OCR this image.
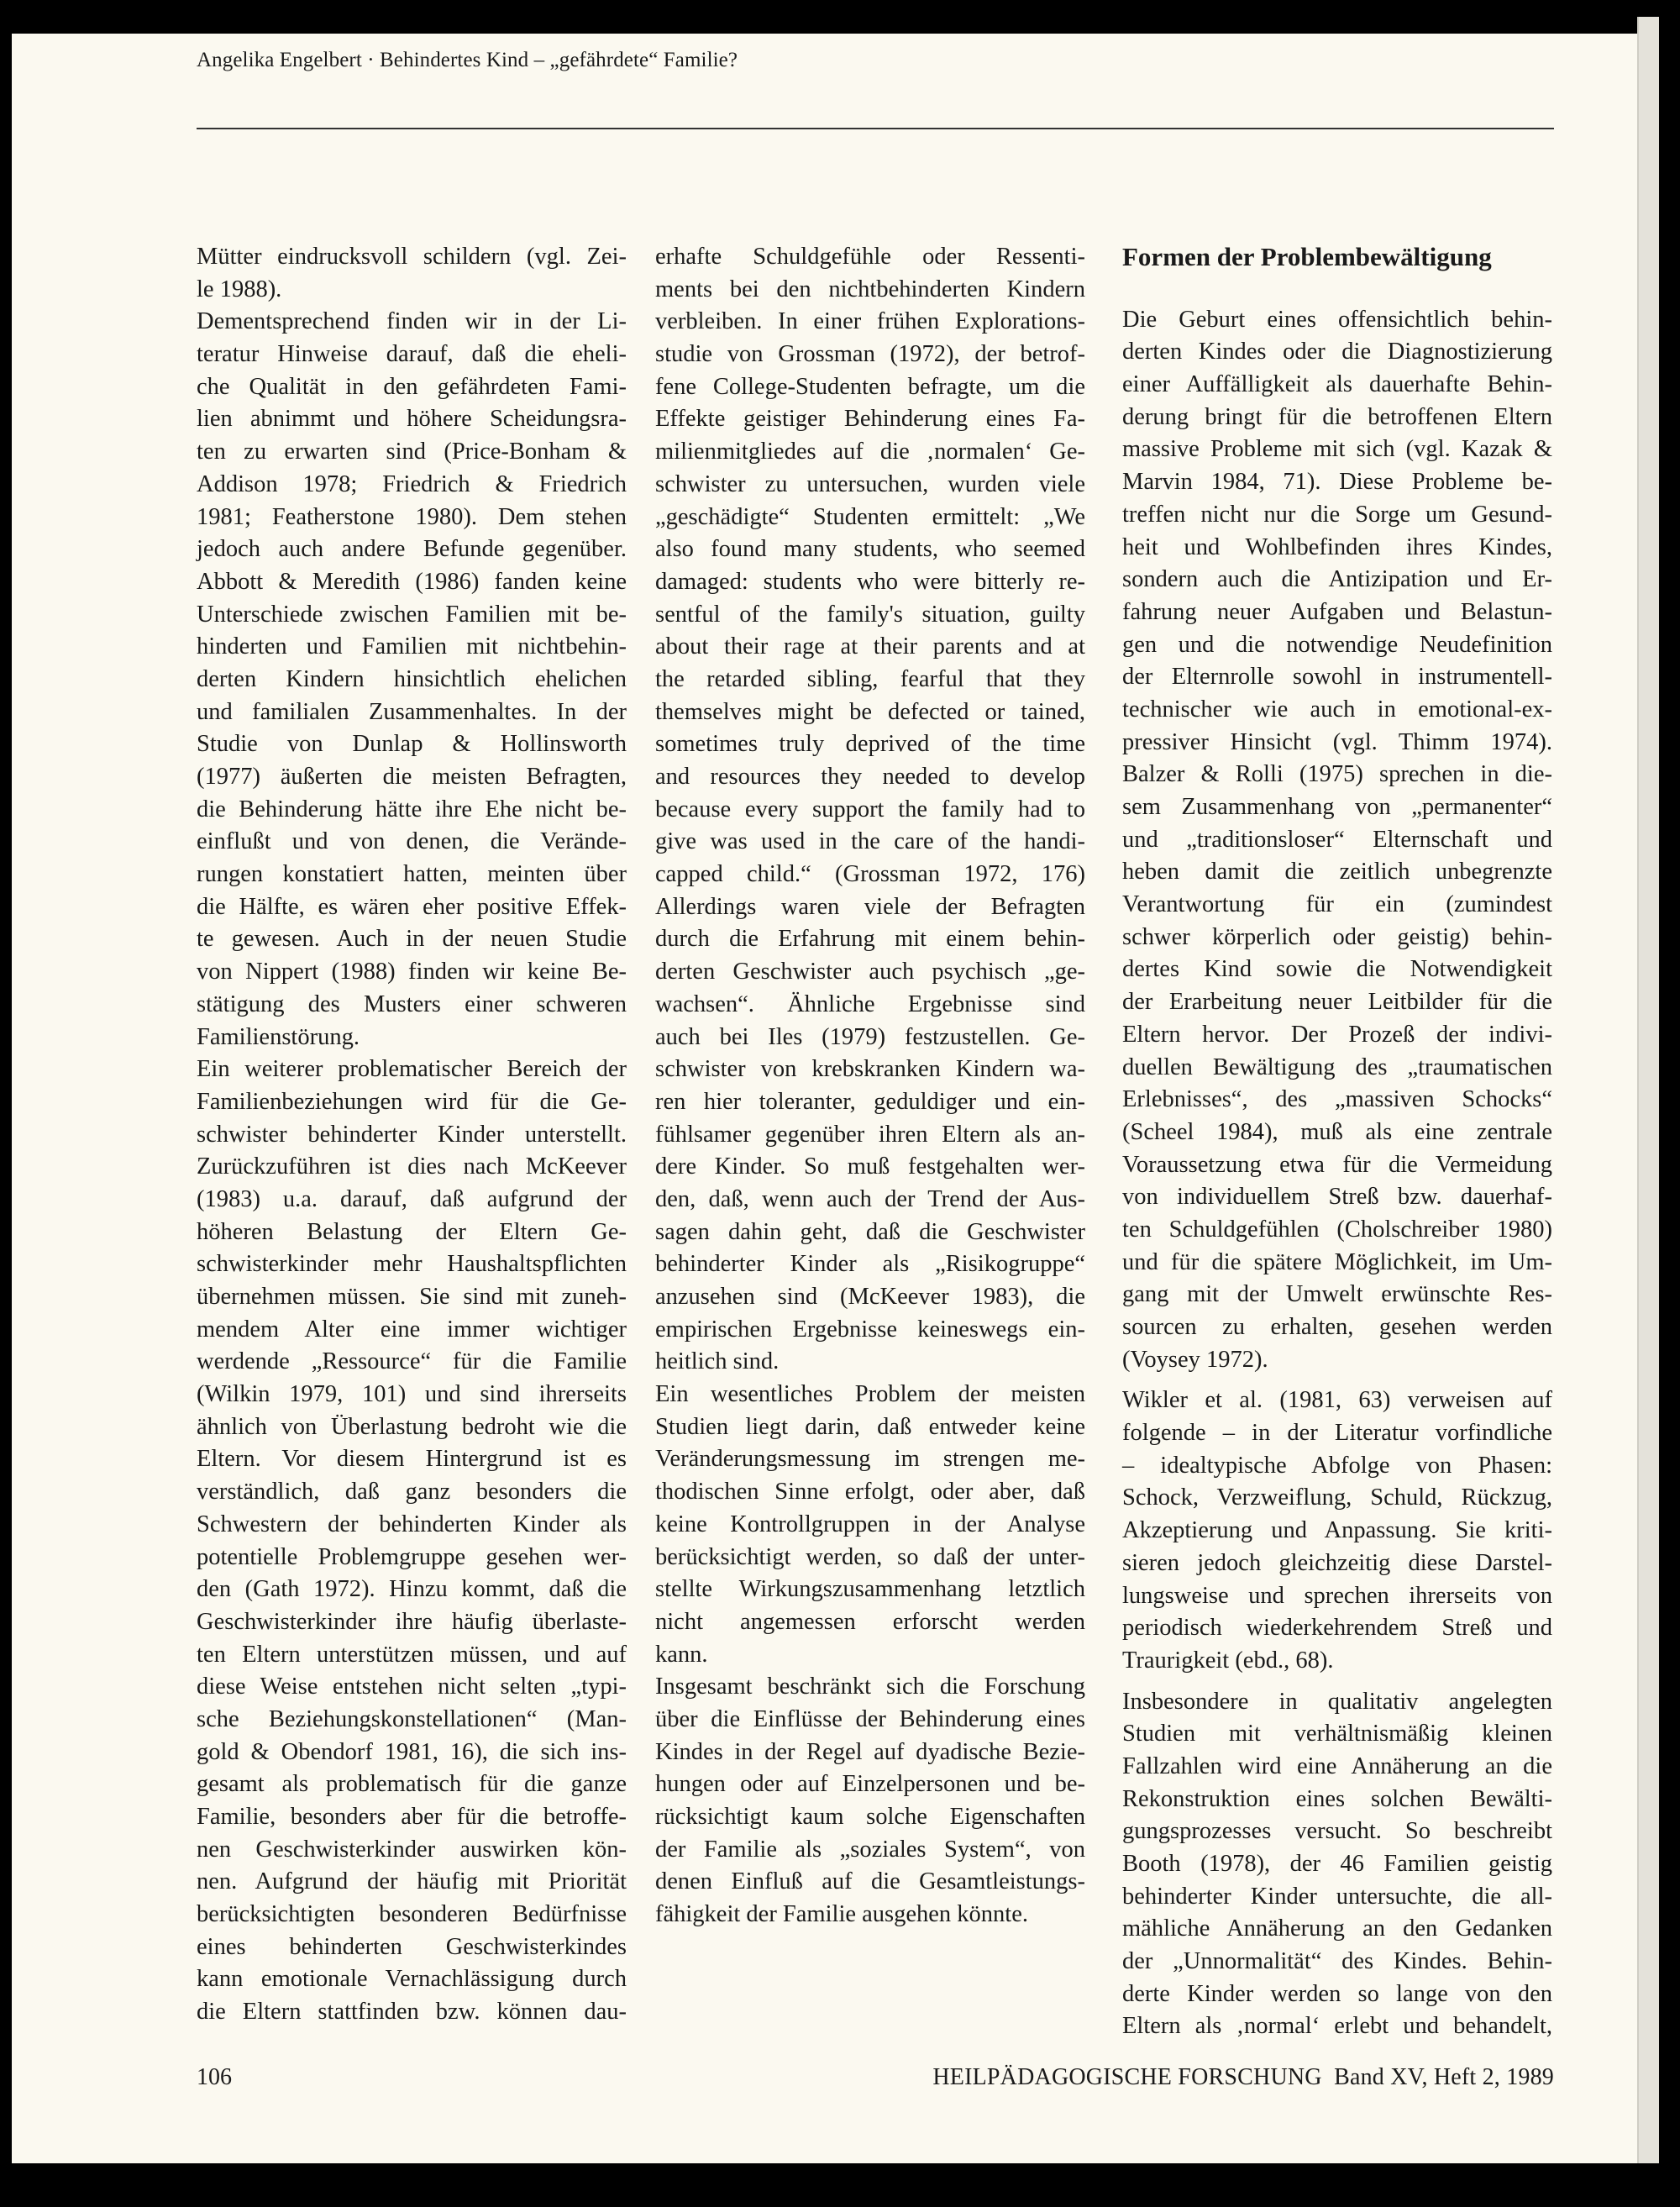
Angelika Engelbert · Behindertes Kind – „gefährdete“ Familie?
Mütter eindrucksvoll schildern (vgl. Zei-
le 1988).
Dementsprechend finden wir in der Li-
teratur Hinweise darauf, daß die eheli-
che Qualität in den gefährdeten Fami-
lien abnimmt und höhere Scheidungsra-
ten zu erwarten sind (Price-Bonham &
Addison 1978; Friedrich & Friedrich
1981; Featherstone 1980). Dem stehen
jedoch auch andere Befunde gegenüber.
Abbott & Meredith (1986) fanden keine
Unterschiede zwischen Familien mit be-
hinderten und Familien mit nichtbehin-
derten Kindern hinsichtlich ehelichen
und familialen Zusammenhaltes. In der
Studie von Dunlap & Hollinsworth
(1977) äußerten die meisten Befragten,
die Behinderung hätte ihre Ehe nicht be-
einflußt und von denen, die Verände-
rungen konstatiert hatten, meinten über
die Hälfte, es wären eher positive Effek-
te gewesen. Auch in der neuen Studie
von Nippert (1988) finden wir keine Be-
stätigung des Musters einer schweren
Familienstörung.
Ein weiterer problematischer Bereich der
Familienbeziehungen wird für die Ge-
schwister behinderter Kinder unterstellt.
Zurückzuführen ist dies nach McKeever
(1983) u.a. darauf, daß aufgrund der
höheren Belastung der Eltern Ge-
schwisterkinder mehr Haushaltspflichten
übernehmen müssen. Sie sind mit zuneh-
mendem Alter eine immer wichtiger
werdende „Ressource“ für die Familie
(Wilkin 1979, 101) und sind ihrerseits
ähnlich von Überlastung bedroht wie die
Eltern. Vor diesem Hintergrund ist es
verständlich, daß ganz besonders die
Schwestern der behinderten Kinder als
potentielle Problemgruppe gesehen wer-
den (Gath 1972). Hinzu kommt, daß die
Geschwisterkinder ihre häufig überlaste-
ten Eltern unterstützen müssen, und auf
diese Weise entstehen nicht selten „typi-
sche Beziehungskonstellationen“ (Man-
gold & Obendorf 1981, 16), die sich ins-
gesamt als problematisch für die ganze
Familie, besonders aber für die betroffe-
nen Geschwisterkinder auswirken kön-
nen. Aufgrund der häufig mit Priorität
berücksichtigten besonderen Bedürfnisse
eines behinderten Geschwisterkindes
kann emotionale Vernachlässigung durch
die Eltern stattfinden bzw. können dau-
erhafte Schuldgefühle oder Ressenti-
ments bei den nichtbehinderten Kindern
verbleiben. In einer frühen Explorations-
studie von Grossman (1972), der betrof-
fene College-Studenten befragte, um die
Effekte geistiger Behinderung eines Fa-
milienmitgliedes auf die ‚normalen‘ Ge-
schwister zu untersuchen, wurden viele
„geschädigte“ Studenten ermittelt: „We
also found many students, who seemed
damaged: students who were bitterly re-
sentful of the family's situation, guilty
about their rage at their parents and at
the retarded sibling, fearful that they
themselves might be defected or tained,
sometimes truly deprived of the time
and resources they needed to develop
because every support the family had to
give was used in the care of the handi-
capped child.“ (Grossman 1972, 176)
Allerdings waren viele der Befragten
durch die Erfahrung mit einem behin-
derten Geschwister auch psychisch „ge-
wachsen“. Ähnliche Ergebnisse sind
auch bei Iles (1979) festzustellen. Ge-
schwister von krebskranken Kindern wa-
ren hier toleranter, geduldiger und ein-
fühlsamer gegenüber ihren Eltern als an-
dere Kinder. So muß festgehalten wer-
den, daß, wenn auch der Trend der Aus-
sagen dahin geht, daß die Geschwister
behinderter Kinder als „Risikogruppe“
anzusehen sind (McKeever 1983), die
empirischen Ergebnisse keineswegs ein-
heitlich sind.
Ein wesentliches Problem der meisten
Studien liegt darin, daß entweder keine
Veränderungsmessung im strengen me-
thodischen Sinne erfolgt, oder aber, daß
keine Kontrollgruppen in der Analyse
berücksichtigt werden, so daß der unter-
stellte Wirkungszusammenhang letztlich
nicht angemessen erforscht werden
kann.
Insgesamt beschränkt sich die Forschung
über die Einflüsse der Behinderung eines
Kindes in der Regel auf dyadische Bezie-
hungen oder auf Einzelpersonen und be-
rücksichtigt kaum solche Eigenschaften
der Familie als „soziales System“, von
denen Einfluß auf die Gesamtleistungs-
fähigkeit der Familie ausgehen könnte.
Formen der Problembewältigung
Die Geburt eines offensichtlich behin-
derten Kindes oder die Diagnostizierung
einer Auffälligkeit als dauerhafte Behin-
derung bringt für die betroffenen Eltern
massive Probleme mit sich (vgl. Kazak &
Marvin 1984, 71). Diese Probleme be-
treffen nicht nur die Sorge um Gesund-
heit und Wohlbefinden ihres Kindes,
sondern auch die Antizipation und Er-
fahrung neuer Aufgaben und Belastun-
gen und die notwendige Neudefinition
der Elternrolle sowohl in instrumentell-
technischer wie auch in emotional-ex-
pressiver Hinsicht (vgl. Thimm 1974).
Balzer & Rolli (1975) sprechen in die-
sem Zusammenhang von „permanenter“
und „traditionsloser“ Elternschaft und
heben damit die zeitlich unbegrenzte
Verantwortung für ein (zumindest
schwer körperlich oder geistig) behin-
dertes Kind sowie die Notwendigkeit
der Erarbeitung neuer Leitbilder für die
Eltern hervor. Der Prozeß der indivi-
duellen Bewältigung des „traumatischen
Erlebnisses“, des „massiven Schocks“
(Scheel 1984), muß als eine zentrale
Voraussetzung etwa für die Vermeidung
von individuellem Streß bzw. dauerhaf-
ten Schuldgefühlen (Cholschreiber 1980)
und für die spätere Möglichkeit, im Um-
gang mit der Umwelt erwünschte Res-
sourcen zu erhalten, gesehen werden
(Voysey 1972).
Wikler et al. (1981, 63) verweisen auf
folgende – in der Literatur vorfindliche
– idealtypische Abfolge von Phasen:
Schock, Verzweiflung, Schuld, Rückzug,
Akzeptierung und Anpassung. Sie kriti-
sieren jedoch gleichzeitig diese Darstel-
lungsweise und sprechen ihrerseits von
periodisch wiederkehrendem Streß und
Traurigkeit (ebd., 68).
Insbesondere in qualitativ angelegten
Studien mit verhältnismäßig kleinen
Fallzahlen wird eine Annäherung an die
Rekonstruktion eines solchen Bewälti-
gungsprozesses versucht. So beschreibt
Booth (1978), der 46 Familien geistig
behinderter Kinder untersuchte, die all-
mähliche Annäherung an den Gedanken
der „Unnormalität“ des Kindes. Behin-
derte Kinder werden so lange von den
Eltern als ‚normal‘ erlebt und behandelt,
106	HEILPÄDAGOGISCHE FORSCHUNG  Band XV, Heft 2, 1989
